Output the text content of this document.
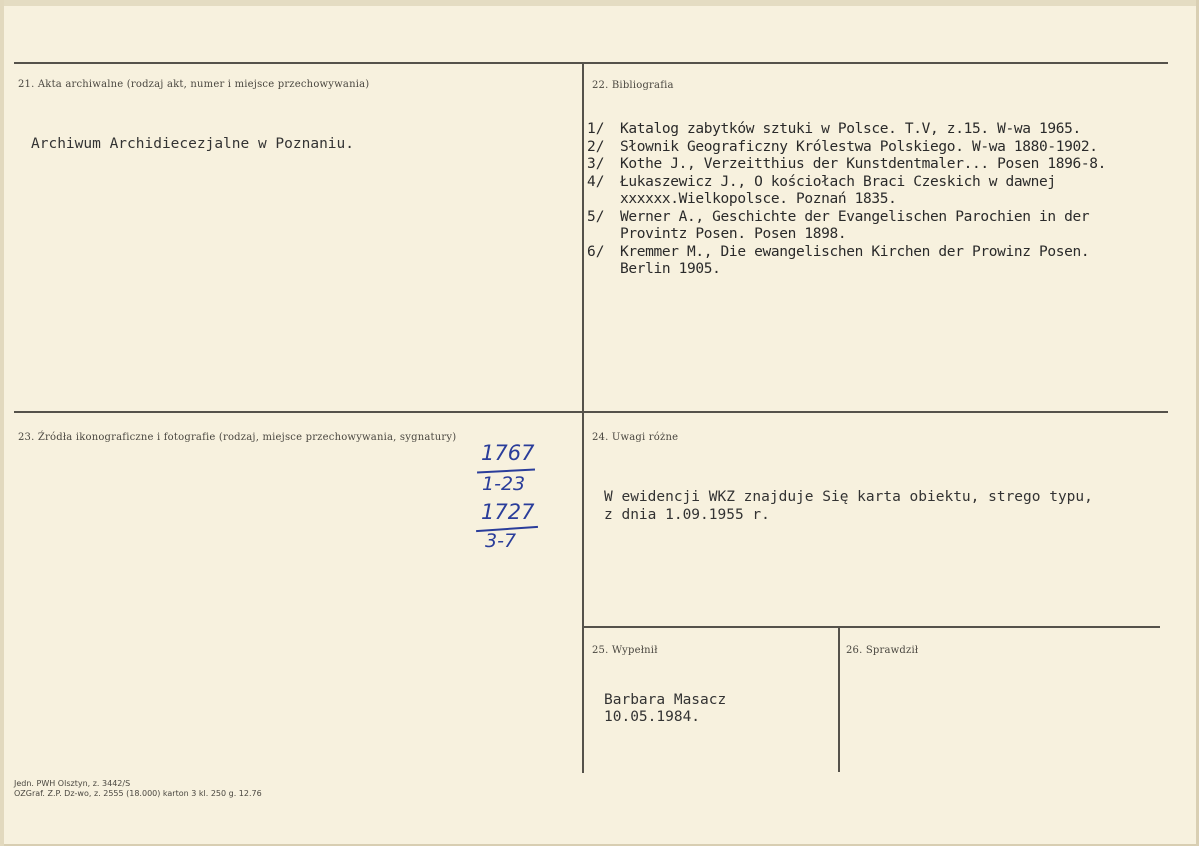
21. Akta archiwalne (rodzaj akt, numer i miejsce przechowywania)
Archiwum Archidiecezjalne w Poznaniu.
22. Bibliografia
1/	Katalog zabytków sztuki w Polsce. T.V, z.15. W-wa 1965.
2/	Słownik Geograficzny Królestwa Polskiego. W-wa 1880-1902.
3/	Kothe J., Verzeitthius der Kunstdentmaler... Posen 1896-8.
4/	Łukaszewicz J., O kościołach Braci Czeskich w dawnej
xxxxxx.Wielkopolsce. Poznań 1835.
5/	Werner A., Geschichte der Evangelischen Parochien in der
Provintz Posen. Posen 1898.
6/	Kremmer M., Die ewangelischen Kirchen der Prowinz Posen.
Berlin 1905.
23. Źródła ikonograficzne i fotografie (rodzaj, miejsce przechowywania, sygnatury)
1767
1-23
1727
3-7
24. Uwagi różne
W ewidencji WKZ znajduje Się karta obiektu, strego typu,
z dnia 1.09.1955 r.
25. Wypełnił
Barbara Masacz
10.05.1984.
26. Sprawdził
Jedn. PWH Olsztyn, z. 3442/S
OZGraf. Z.P. Dz-wo, z. 2555 (18.000) karton 3 kl. 250 g. 12.76
